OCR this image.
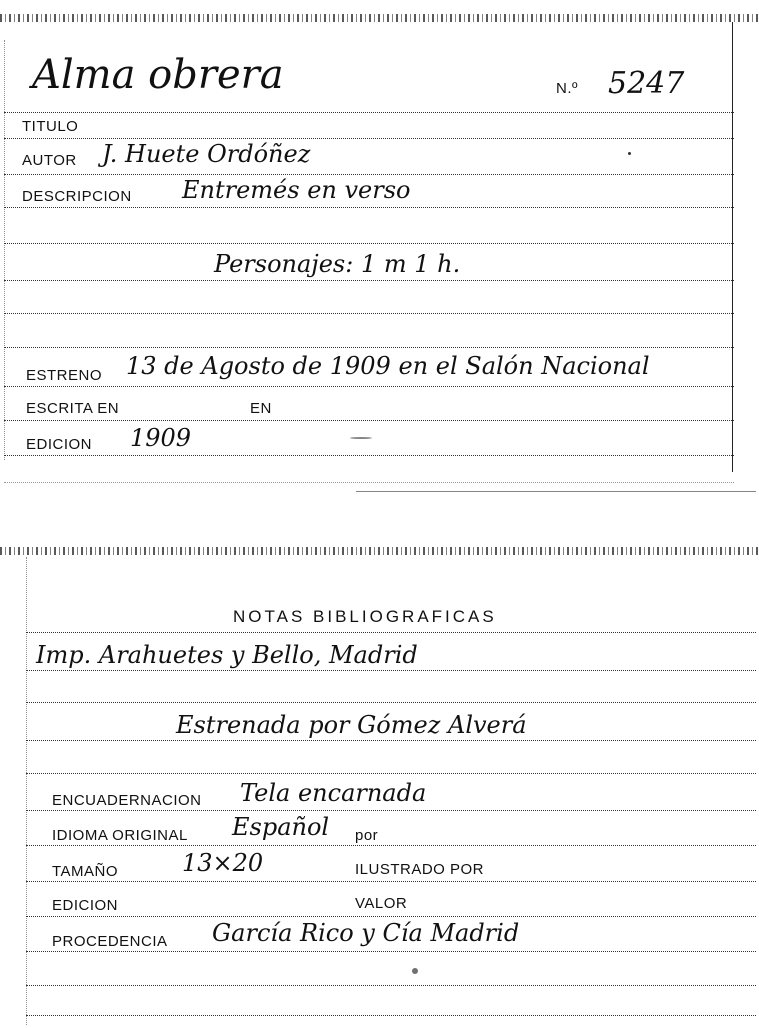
Alma obrera	N.º 5247
TITULO
AUTOR J. Huete Ordóñez
DESCRIPCION Entremés en verso
Personajes: 1 m 1 h.
ESTRENO 13 de Agosto de 1909 en el Salón Nacional
ESCRITA EN	EN
EDICION 1909
NOTAS BIBLIOGRAFICAS
Imp. Arahuetes y Bello, Madrid
Estrenada por Gómez Alverá
ENCUADERNACION Tela encarnada
IDIOMA ORIGINAL Español por
TAMAÑO	13×20	ILUSTRADO POR
EDICION	VALOR
PROCEDENCIA García Rico y Cía Madrid
